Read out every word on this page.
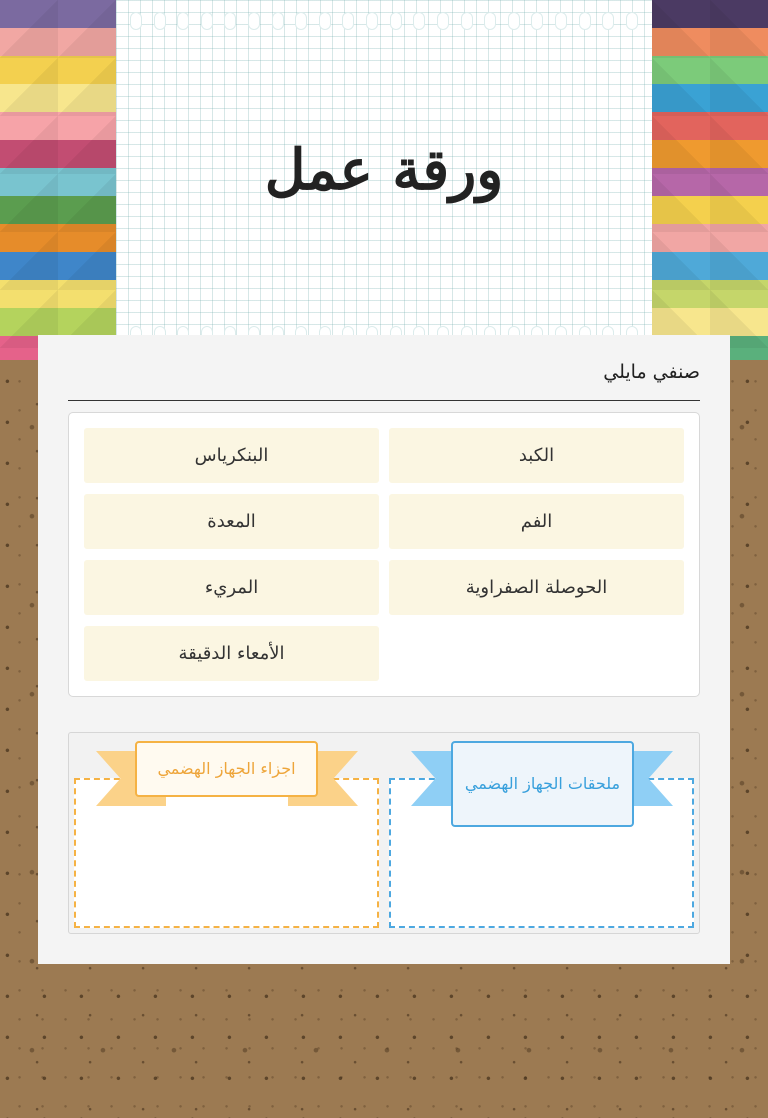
ورقة عمل
صنفي مايلي
الكبد
البنكرياس
الفم
المعدة
الحوصلة الصفراوية
المريء
الأمعاء الدقيقة
ملحقات الجهاز الهضمي
اجزاء الجهاز الهضمي
